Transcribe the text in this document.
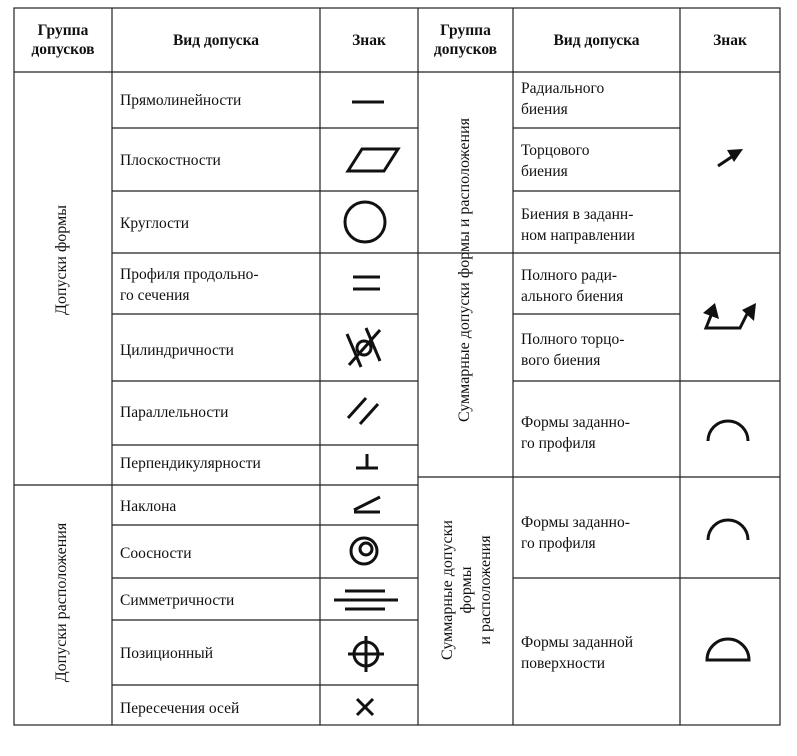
Группа
допусков
Вид допуска	Знак
Группа
допусков
Вид допуска	Знак
Допуски формы
Допуски расположения
Суммарные допуски формы и расположения
Суммарные допуски
формы
и расположения
Прямолинейности
Плоскостности
Круглости
Профиля продольно-
го сечения
Цилиндричности
Параллельности
Перпендикулярности
Наклона
Соосности
Симметричности
Позиционный
Пересечения осей
Радиального
биения
Торцового
биения
Биения в заданн-
ном направлении
Полного ради-
ального биения
Полного торцо-
вого биения
Формы заданно-
го профиля
Формы заданно-
го профиля
Формы заданной
поверхности
